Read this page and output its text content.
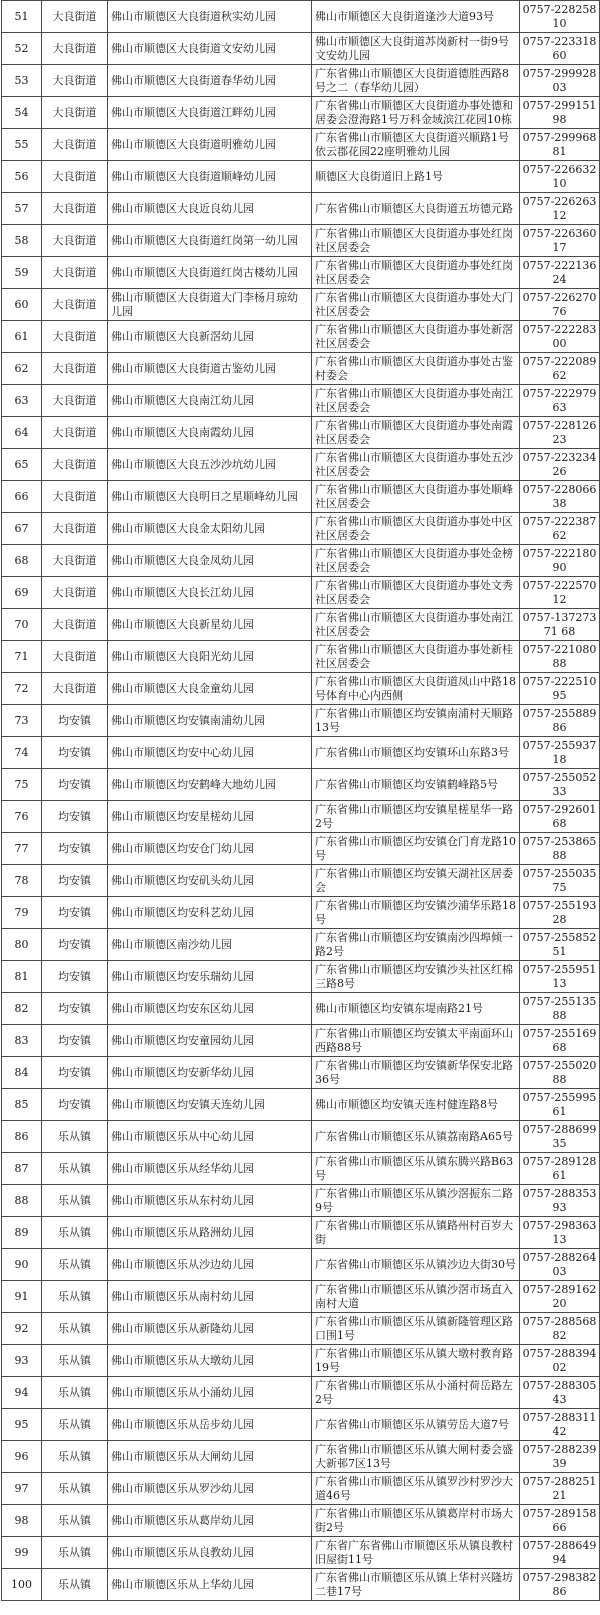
51	大良街道	佛山市顺德区大良街道秋实幼儿园	佛山市顺德区大良街道逢沙大道93号	0757-22825810
52	大良街道	佛山市顺德区大良街道文安幼儿园	佛山市顺德区大良街道苏岗新村一街9号文安幼儿园	0757-22331860
53	大良街道	佛山市顺德区大良街道春华幼儿园	广东省佛山市顺德区大良街道德胜西路8号之二（春华幼儿园）	0757-29992803
54	大良街道	佛山市顺德区大良街道江畔幼儿园	广东省佛山市顺德区大良街道办事处德和居委会澄海路1号万科金域滨江花园10栋	0757-29915198
55	大良街道	佛山市顺德区大良街道明雅幼儿园	广东省佛山市顺德区大良街道兴顺路1号依云郡花园22座明雅幼儿园	0757-29996881
56	大良街道	佛山市顺德区大良街道顺峰幼儿园	顺德区大良街道旧上路1号	0757-22663210
57	大良街道	佛山市顺德区大良近良幼儿园	广东省佛山市顺德区大良街道五坊德元路	0757-22626312
58	大良街道	佛山市顺德区大良街道红岗第一幼儿园	广东省佛山市顺德区大良街道办事处红岗社区居委会	0757-22636017
59	大良街道	佛山市顺德区大良街道红岗古楼幼儿园	广东省佛山市顺德区大良街道办事处红岗社区居委会	0757-22213624
60	大良街道	佛山市顺德区大良街道大门李杨月琼幼儿园	广东省佛山市顺德区大良街道办事处大门社区居委会	0757-22627076
61	大良街道	佛山市顺德区大良新滘幼儿园	广东省佛山市顺德区大良街道办事处新滘社区居委会	0757-22228300
62	大良街道	佛山市顺德区大良街道古鉴幼儿园	广东省佛山市顺德区大良街道办事处古鉴村委会	0757-22208962
63	大良街道	佛山市顺德区大良南江幼儿园	广东省佛山市顺德区大良街道办事处南江社区居委会	0757-22297963
64	大良街道	佛山市顺德区大良南霞幼儿园	广东省佛山市顺德区大良街道办事处南霞社区居委会	0757-22812623
65	大良街道	佛山市顺德区大良五沙沙坑幼儿园	广东省佛山市顺德区大良街道办事处五沙社区居委会	0757-22323426
66	大良街道	佛山市顺德区大良明日之星顺峰幼儿园	广东省佛山市顺德区大良街道办事处顺峰社区居委会	0757-22806638
67	大良街道	佛山市顺德区大良金太阳幼儿园	广东省佛山市顺德区大良街道办事处中区社区居委会	0757-22238762
68	大良街道	佛山市顺德区大良金凤幼儿园	广东省佛山市顺德区大良街道办事处金榜社区居委会	0757-22218090
69	大良街道	佛山市顺德区大良长江幼儿园	广东省佛山市顺德区大良街道办事处文秀社区居委会	0757-22257012
70	大良街道	佛山市顺德区大良新星幼儿园	广东省佛山市顺德区大良街道办事处南江社区居委会	0757-13727371 68
71	大良街道	佛山市顺德区大良阳光幼儿园	广东省佛山市顺德区大良街道办事处新桂社区居委会	0757-22108088
72	大良街道	佛山市顺德区大良金童幼儿园	广东省佛山市顺德区大良街道凤山中路18号体育中心内西侧	0757-22251095
73	均安镇	佛山市顺德区均安镇南浦幼儿园	广东省佛山市顺德区均安镇南浦村天顺路13号	0757-25588986
74	均安镇	佛山市顺德区均安中心幼儿园	广东省佛山市顺德区均安镇环山东路3号	0757-25593718
75	均安镇	佛山市顺德区均安鹤峰大地幼儿园	广东省佛山市顺德区均安镇鹤峰路5号	0757-25505233
76	均安镇	佛山市顺德区均安星槎幼儿园	广东省佛山市顺德区均安镇星槎星华一路2号	0757-29260168
77	均安镇	佛山市顺德区均安仓门幼儿园	广东省佛山市顺德区均安镇仓门育龙路10号	0757-25386588
78	均安镇	佛山市顺德区均安矶头幼儿园	广东省佛山市顺德区均安镇天湖社区居委会	0757-25503575
79	均安镇	佛山市顺德区均安科艺幼儿园	广东省佛山市顺德区均安镇沙浦华乐路18号	0757-25519328
80	均安镇	佛山市顺德区南沙幼儿园	广东省佛山市顺德区均安镇南沙四埠倾一路2号	0757-25585251
81	均安镇	佛山市顺德区均安乐瑞幼儿园	广东省佛山市顺德区均安镇沙头社区红棉三路8号	0757-25595113
82	均安镇	佛山市顺德区均安东区幼儿园	佛山市顺德区均安镇东堤南路21号	0757-25513588
83	均安镇	佛山市顺德区均安童园幼儿园	广东省佛山市顺德区均安镇太平南面环山西路88号	0757-25516968
84	均安镇	佛山市顺德区均安新华幼儿园	广东省佛山市顺德区均安镇新华保安北路36号	0757-25502088
85	均安镇	佛山市顺德区均安镇天连幼儿园	佛山市顺德区均安镇天连村健连路8号	0757-25599561
86	乐从镇	佛山市顺德区乐从中心幼儿园	广东省佛山市顺德区乐从镇荔南路A65号	0757-28869935
87	乐从镇	佛山市顺德区乐从经华幼儿园	广东省佛山市顺德区乐从镇东腾兴路B63号	0757-28912861
88	乐从镇	佛山市顺德区乐从东村幼儿园	广东省佛山市顺德区乐从镇沙滘振东二路9号	0757-28835393
89	乐从镇	佛山市顺德区乐从路洲幼儿园	广东省佛山市顺德区乐从镇路州村百岁大街	0757-29836313
90	乐从镇	佛山市顺德区乐从沙边幼儿园	广东省佛山市顺德区乐从镇沙边大街30号	0757-28826403
91	乐从镇	佛山市顺德区乐从南村幼儿园	广东省佛山市顺德区乐从镇沙滘市场直入南村大道	0757-28916220
92	乐从镇	佛山市顺德区乐从新隆幼儿园	广东省佛山市顺德区乐从镇新隆管理区路口围1号	0757-28856882
93	乐从镇	佛山市顺德区乐从大墩幼儿园	广东省佛山市顺德区乐从镇大墩村教育路19号	0757-28839402
94	乐从镇	佛山市顺德区乐从小涌幼儿园	广东省佛山市顺德区乐从小涌村荷岳路左2号	0757-28830543
95	乐从镇	佛山市顺德区乐从岳步幼儿园	广东省佛山市顺德区乐从镇劳岳大道7号	0757-28831142
96	乐从镇	佛山市顺德区乐从大闸幼儿园	广东省佛山市顺德区乐从镇大闸村委会盛大新邨7区13号	0757-28823939
97	乐从镇	佛山市顺德区乐从罗沙幼儿园	广东省佛山市顺德区乐从镇罗沙村罗沙大道46号	0757-28825121
98	乐从镇	佛山市顺德区乐从葛岸幼儿园	广东省佛山市顺德区乐从镇葛岸村市场大街2号	0757-28915866
99	乐从镇	佛山市顺德区乐从良教幼儿园	广东省广东省佛山市顺德区乐从镇良教村旧屋街11号	0757-28864994
100	乐从镇	佛山市顺德区乐从上华幼儿园	广东省佛山市顺德区乐从镇上华村兴隆坊二巷17号	0757-29838286
